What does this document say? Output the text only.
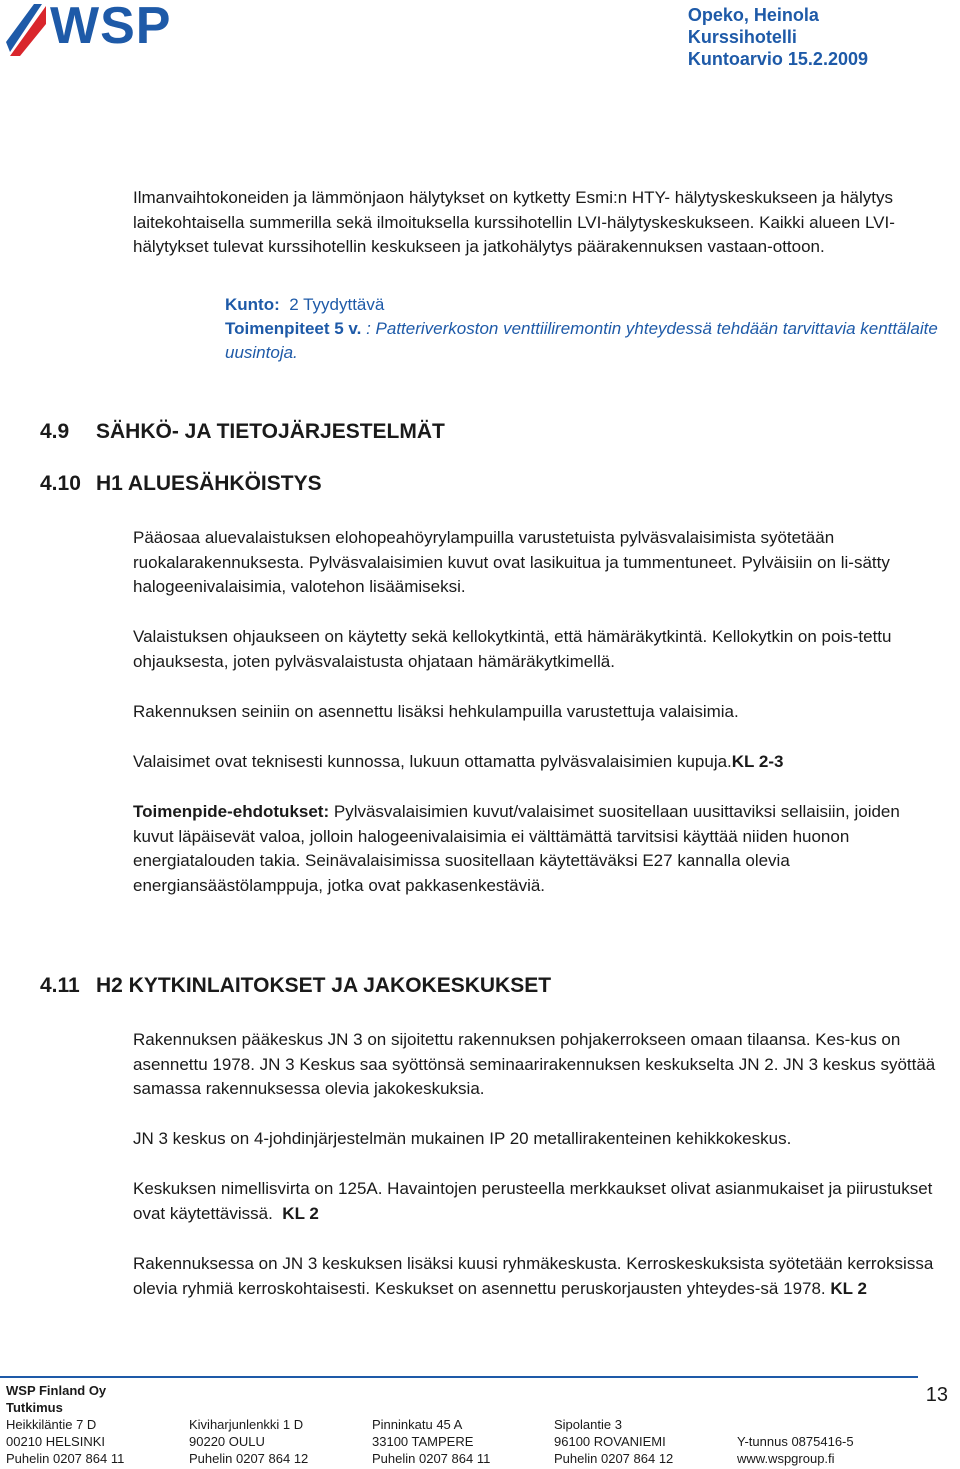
WSP	Opeko, Heinola
Kurssihotelli
Kuntoarvio 15.2.2009
Ilmanvaihtokoneiden ja lämmönjaon hälytykset on kytketty Esmi:n HTY- hälytyskeskukseen ja hälytys laitekohtaisella summerilla sekä ilmoituksella kurssihotellin LVI-hälytyskeskukseen. Kaikki alueen LVI-hälytykset tulevat kurssihotellin keskukseen ja jatkohälytys päärakennuksen vastaan-ottoon.
Kunto: 2 Tyydyttävä
Toimenpiteet 5 v. : Patteriverkoston venttiiliremontin yhteydessä tehdään tarvittavia kenttälaite uusintoja.
4.9 SÄHKÖ- JA TIETOJÄRJESTELMÄT
4.10 H1 ALUESÄHKÖISTYS
Pääosaa aluevalaistuksen elohopeahöyrylampuilla varustetuista pylväsvalaisimista syötetään ruokalarakennuksesta. Pylväsvalaisimien kuvut ovat lasikuitua ja tummentuneet. Pylväisiin on li-sätty halogeenivalaisimia, valotehon lisäämiseksi.
Valaistuksen ohjaukseen on käytetty sekä kellokytkintä, että hämäräkytkintä. Kellokytkin on pois-tettu ohjauksesta, joten pylväsvalaistusta ohjataan hämäräkytkimellä.
Rakennuksen seiniin on asennettu lisäksi hehkulampuilla varustettuja valaisimia.
Valaisimet ovat teknisesti kunnossa, lukuun ottamatta pylväsvalaisimien kupuja.KL 2-3
Toimenpide-ehdotukset: Pylväsvalaisimien kuvut/valaisimet suositellaan uusittaviksi sellaisiin, joiden kuvut läpäisevät valoa, jolloin halogeenivalaisimia ei välttämättä tarvitsisi käyttää niiden huonon energiatalouden takia. Seinävalaisimissa suositellaan käytettäväksi E27 kannalla olevia energiansäästölamppuja, jotka ovat pakkasenkestäviä.
4.11 H2 KYTKINLAITOKSET JA JAKOKESKUKSET
Rakennuksen pääkeskus JN 3 on sijoitettu rakennuksen pohjakerrokseen omaan tilaansa. Kes-kus on asennettu 1978. JN 3 Keskus saa syöttönsä seminaarirakennuksen keskukselta JN 2. JN 3 keskus syöttää samassa rakennuksessa olevia jakokeskuksia.
JN 3 keskus on 4-johdinjärjestelmän mukainen IP 20 metallirakenteinen kehikkokeskus.
Keskuksen nimellisvirta on 125A. Havaintojen perusteella merkkaukset olivat asianmukaiset ja piirustukset ovat käytettävissä. KL 2
Rakennuksessa on JN 3 keskuksen lisäksi kuusi ryhmäkeskusta. Kerroskeskuksista syötetään kerroksissa olevia ryhmiä kerroskohtaisesti. Keskukset on asennettu peruskorjausten yhteydes-sä 1978. KL 2
WSP Finland Oy
Tutkimus
13
Heikkiläntie 7 D
00210 HELSINKI
Puhelin 0207 864 11
Kiviharjunlenkki 1 D
90220 OULU
Puhelin 0207 864 12
Pinninkatu 45 A
33100 TAMPERE
Puhelin 0207 864 11
Sipolantie 3
96100 ROVANIEMI
Puhelin 0207 864 12
Y-tunnus 0875416-5
www.wspgroup.fi
